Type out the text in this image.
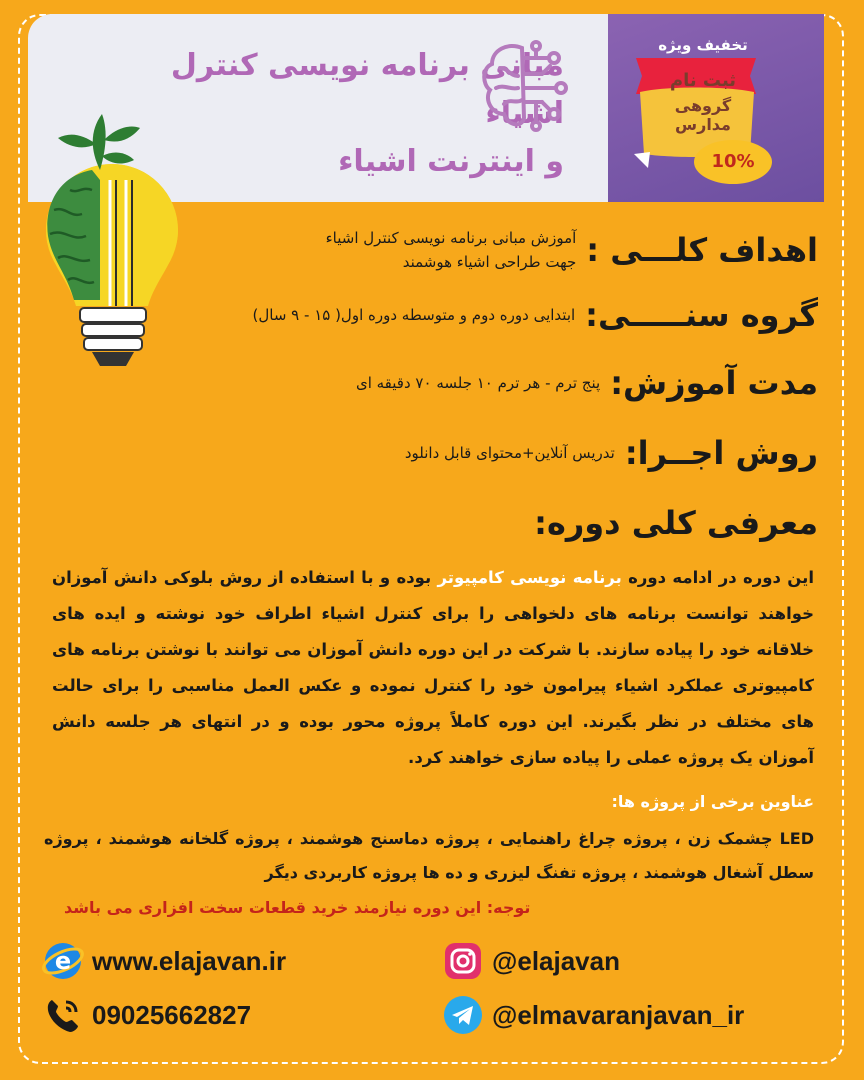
مبانی برنامه نویسی کنترل اشیاء
و اینترنت اشیاء
تخفیف ویژه
ثبت نام
گروهی مدارس
10%
اهداف کلـــی :
آموزش مبانی برنامه نویسی کنترل اشیاء
جهت طراحی اشیاء هوشمند
گروه سنـــــی:
ابتدایی دوره دوم و متوسطه دوره اول( ۱۵ - ۹ سال)
مدت آموزش:
پنج ترم - هر ترم ۱۰ جلسه ۷۰ دقیقه ای
روش اجــرا:
تدریس آنلاین+محتوای قابل دانلود
معرفی کلی دوره:
این دوره در ادامه دوره برنامه نویسی کامپیوتر بوده و با استفاده از روش بلوکی دانش آموزان خواهند توانست برنامه های دلخواهی را برای کنترل اشیاء اطراف خود نوشته و ایده های خلاقانه خود را پیاده سازند. با شرکت در این دوره دانش آموزان می توانند با نوشتن برنامه های کامپیوتری عملکرد اشیاء پیرامون خود را کنترل نموده و عکس العمل مناسبی را برای حالت های مختلف در نظر بگیرند. این دوره کاملاً پروژه محور بوده و در انتهای هر جلسه دانش آموزان یک پروژه عملی را پیاده سازی خواهند کرد.
عناوین برخی از پروژه ها:
LED چشمک زن ، پروژه چراغ راهنمایی ، پروژه دماسنج هوشمند ، پروژه گلخانه هوشمند ، پروژه سطل آشغال هوشمند ، پروژه تفنگ لیزری و ده ها پروژه کاربردی دیگر
توجه: این دوره نیازمند خرید قطعات سخت افزاری می باشد
e www.elajavan.ir
09025662827
@elajavan
@elmavaranjavan_ir
